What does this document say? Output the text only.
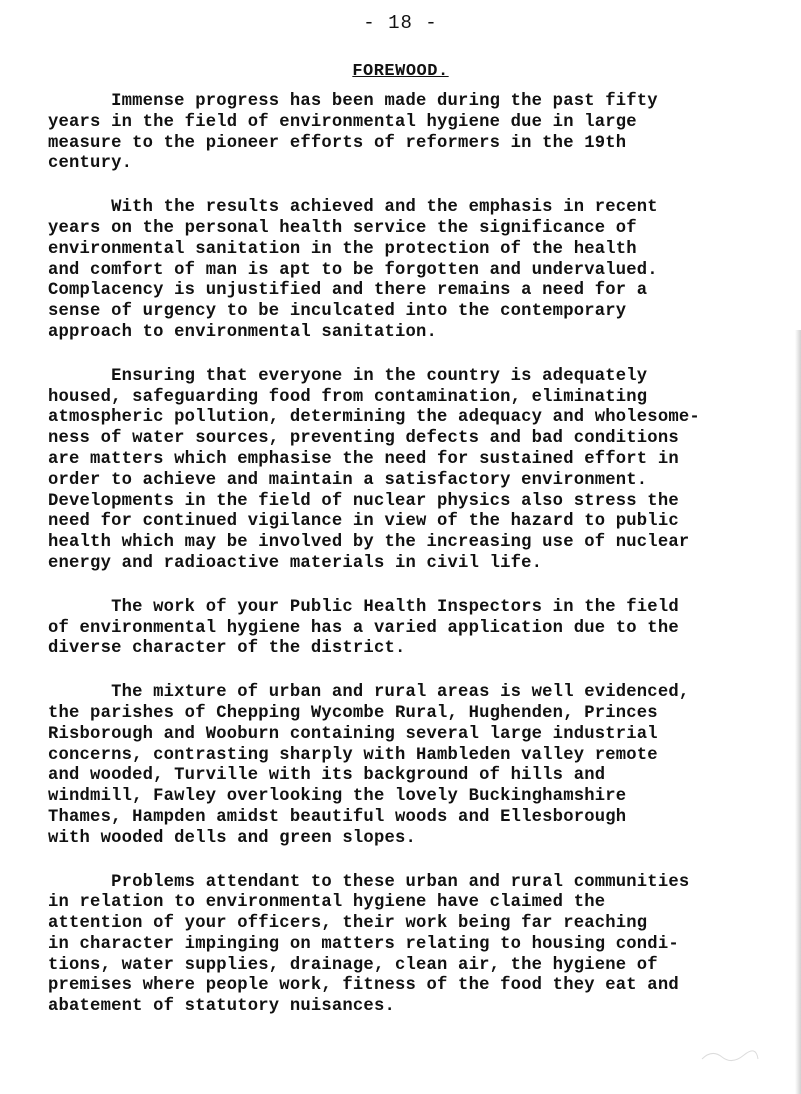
- 18 -
FOREWOOD.
Immense progress has been made during the past fifty
years in the field of environmental hygiene due in large
measure to the pioneer efforts of reformers in the 19th
century.
With the results achieved and the emphasis in recent
years on the personal health service the significance of
environmental sanitation in the protection of the health
and comfort of man is apt to be forgotten and undervalued.
Complacency is unjustified and there remains a need for a
sense of urgency to be inculcated into the contemporary
approach to environmental sanitation.
Ensuring that everyone in the country is adequately
housed, safeguarding food from contamination, eliminating
atmospheric pollution, determining the adequacy and wholesome-
ness of water sources, preventing defects and bad conditions
are matters which emphasise the need for sustained effort in
order to achieve and maintain a satisfactory environment.
Developments in the field of nuclear physics also stress the
need for continued vigilance in view of the hazard to public
health which may be involved by the increasing use of nuclear
energy and radioactive materials in civil life.
The work of your Public Health Inspectors in the field
of environmental hygiene has a varied application due to the
diverse character of the district.
The mixture of urban and rural areas is well evidenced,
the parishes of Chepping Wycombe Rural, Hughenden, Princes
Risborough and Wooburn containing several large industrial
concerns, contrasting sharply with Hambleden valley remote
and wooded, Turville with its background of hills and
windmill, Fawley overlooking the lovely Buckinghamshire
Thames, Hampden amidst beautiful woods and Ellesborough
with wooded dells and green slopes.
Problems attendant to these urban and rural communities
in relation to environmental hygiene have claimed the
attention of your officers, their work being far reaching
in character impinging on matters relating to housing condi-
tions, water supplies, drainage, clean air, the hygiene of
premises where people work, fitness of the food they eat and
abatement of statutory nuisances.
